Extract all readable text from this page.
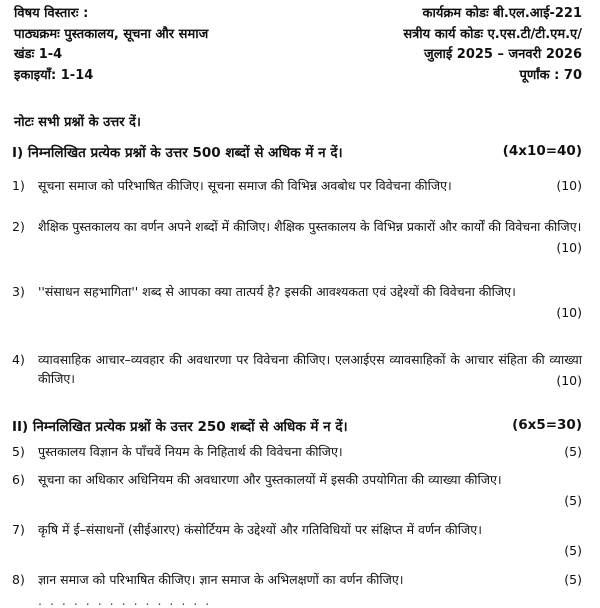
विषय विस्तारः :
पाठ्यक्रमः पुस्तकालय, सूचना और समाज
खंडः 1-4
इकाइयाँ: 1-14
कार्यक्रम कोडः बी.एल.आई-221
सत्रीय कार्य कोडः ए.एस.टी/टी.एम.ए/
जुलाई 2025 – जनवरी 2026
पूर्णांक : 70
नोटः सभी प्रश्नों के उत्तर दें।
I) निम्नलिखित प्रत्येक प्रश्नों के उत्तर 500 शब्दों से अधिक में न दें।	(4x10=40)
1) सूचना समाज को परिभाषित कीजिए। सूचना समाज की विभिन्न अवबोध पर विवेचना कीजिए।	(10)
2) शैक्षिक पुस्तकालय का वर्णन अपने शब्दों में कीजिए। शैक्षिक पुस्तकालय के विभिन्न प्रकारों और कार्यों की विवेचना कीजिए।
(10)
3) ''संसाधन सहभागिता'' शब्द से आपका क्या तात्पर्य है? इसकी आवश्यकता एवं उद्देश्यों की विवेचना कीजिए।
(10)
4) व्यावसाहिक आचार–व्यवहार की अवधारणा पर विवेचना कीजिए। एलआईएस व्यावसाहिकों के आचार संहिता की व्याख्या कीजिए।	(10)
II) निम्नलिखित प्रत्येक प्रश्नों के उत्तर 250 शब्दों से अधिक में न दें।	(6x5=30)
5) पुस्तकालय विज्ञान के पाँचवें नियम के निहितार्थ की विवेचना कीजिए।	(5)
6) सूचना का अधिकार अधिनियम की अवधारणा और पुस्तकालयों में इसकी उपयोगिता की व्याख्या कीजिए।
(5)
7) कृषि में ई–संसाधनों (सीईआरए) कंसोर्टियम के उद्देश्यों और गतिविधियों पर संक्षिप्त में वर्णन कीजिए।
(5)
8) ज्ञान समाज को परिभाषित कीजिए। ज्ञान समाज के अभिलक्षणों का वर्णन कीजिए।	(5)
. . . . . . . . . . . . . . .
